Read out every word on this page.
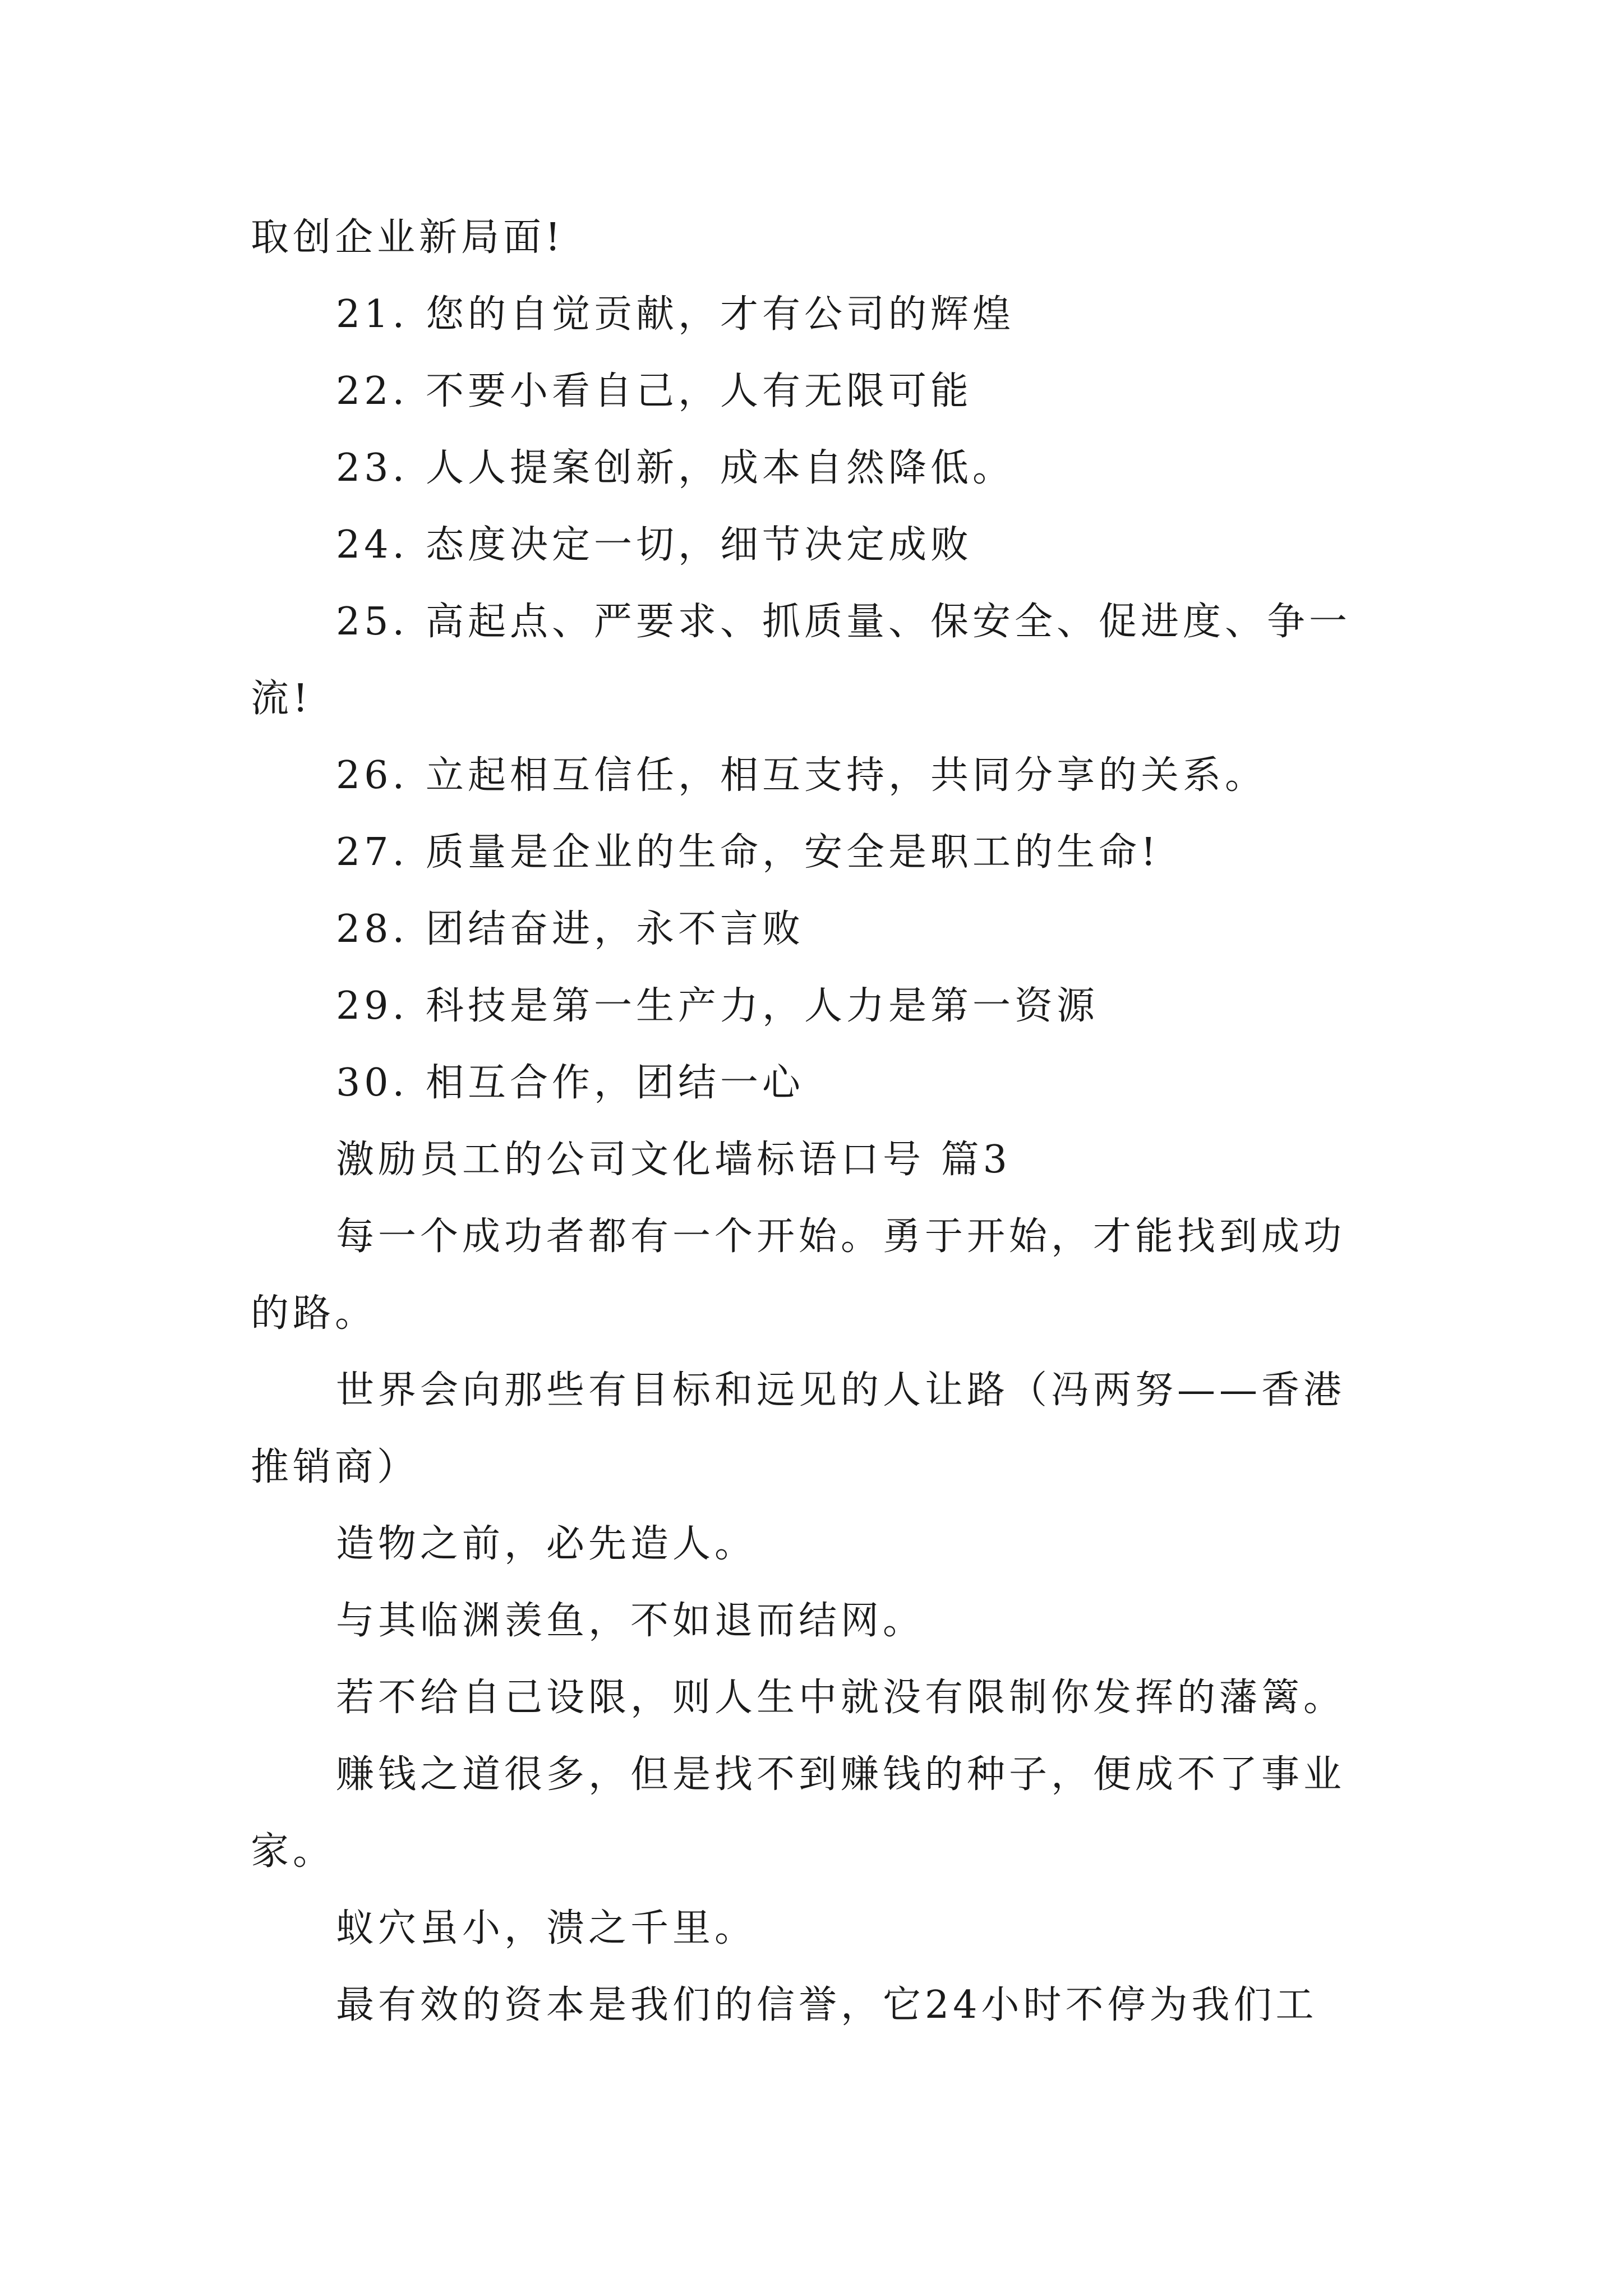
取创企业新局面!
21. 您的自觉贡献，才有公司的辉煌
22. 不要小看自己，人有无限可能
23. 人人提案创新，成本自然降低。
24. 态度决定一切，细节决定成败
25. 高起点、严要求、抓质量、保安全、促进度、争一
流!
26. 立起相互信任，相互支持，共同分享的关系。
27. 质量是企业的生命，安全是职工的生命!
28. 团结奋进，永不言败
29. 科技是第一生产力，人力是第一资源
30. 相互合作，团结一心
激励员工的公司文化墙标语口号 篇3
每一个成功者都有一个开始。勇于开始，才能找到成功
的路。
世界会向那些有目标和远见的人让路（冯两努——香港
推销商）
造物之前，必先造人。
与其临渊羡鱼，不如退而结网。
若不给自己设限，则人生中就没有限制你发挥的藩篱。
赚钱之道很多，但是找不到赚钱的种子，便成不了事业
家。
蚁穴虽小，溃之千里。
最有效的资本是我们的信誉，它24小时不停为我们工
